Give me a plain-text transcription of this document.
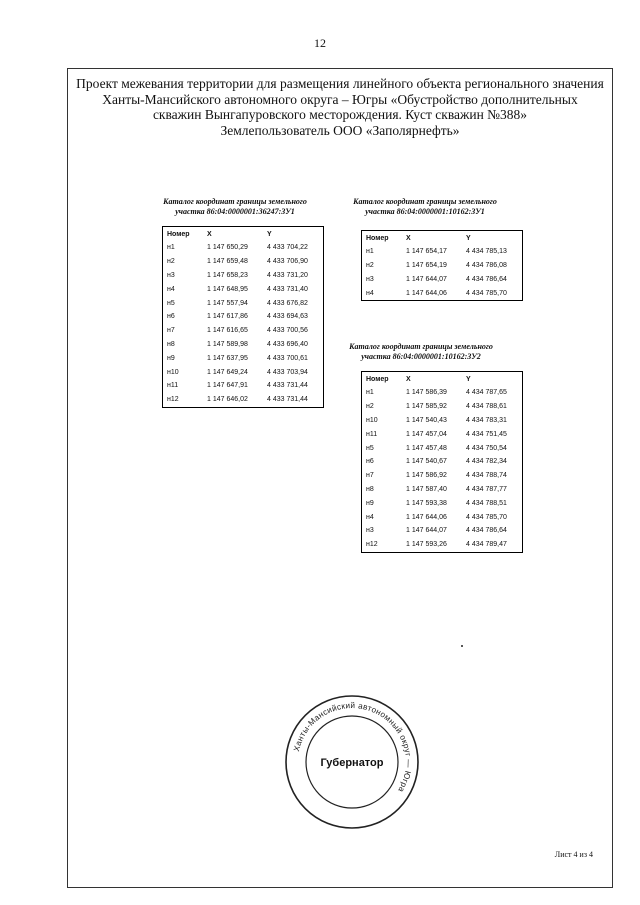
12
Проект межевания территории для размещения линейного объекта регионального значения
Ханты-Мансийского автономного округа – Югры «Обустройство дополнительных
скважин Вынгапуровского месторождения. Куст скважин №388»
Землепользователь ООО «Заполярнефть»
Каталог координат границы земельного
участка 86:04:0000001:36247:ЗУ1
Номер	X	Y
н1	1 147 650,29	4 433 704,22
н2	1 147 659,48	4 433 706,90
н3	1 147 658,23	4 433 731,20
н4	1 147 648,95	4 433 731,40
н5	1 147 557,94	4 433 676,82
н6	1 147 617,86	4 433 694,63
н7	1 147 616,65	4 433 700,56
н8	1 147 589,98	4 433 696,40
н9	1 147 637,95	4 433 700,61
н10	1 147 649,24	4 433 703,94
н11	1 147 647,91	4 433 731,44
н12	1 147 646,02	4 433 731,44
Каталог координат границы земельного
участка 86:04:0000001:10162:ЗУ1
Номер	X	Y
н1	1 147 654,17	4 434 785,13
н2	1 147 654,19	4 434 786,08
н3	1 147 644,07	4 434 786,64
н4	1 147 644,06	4 434 785,70
Каталог координат границы земельного
участка 86:04:0000001:10162:ЗУ2
Номер	X	Y
н1	1 147 586,39	4 434 787,65
н2	1 147 585,92	4 434 788,61
н10	1 147 540,43	4 434 783,31
н11	1 147 457,04	4 434 751,45
н5	1 147 457,48	4 434 750,54
н6	1 147 540,67	4 434 782,34
н7	1 147 586,92	4 434 788,74
н8	1 147 587,40	4 434 787,77
н9	1 147 593,38	4 434 788,51
н4	1 147 644,06	4 434 785,70
н3	1 147 644,07	4 434 786,64
н12	1 147 593,26	4 434 789,47
Ханты-Мансийский автономный округ — Югра
Губернатор
Лист 4 из 4
